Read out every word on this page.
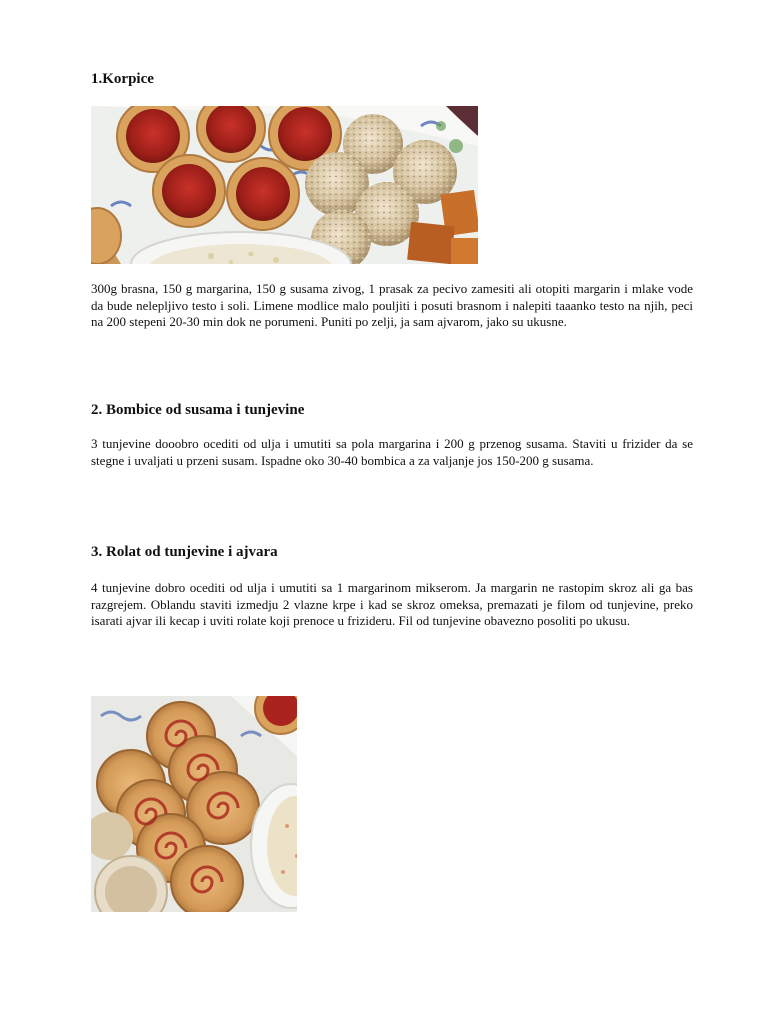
1.Korpice

300g brasna, 150 g margarina, 150 g susama zivog, 1 prasak za pecivo zamesiti ali otopiti margarin i mlake vode da bude nelepljivo testo i soli. Limene modlice malo pouljiti i posuti brasnom i nalepiti taaanko testo na njih, peci na 200 stepeni 20-30 min dok ne porumeni. Puniti po zelji, ja sam ajvarom, jako su ukusne.

2. Bombice od susama i tunjevine

3 tunjevine dooobro ocediti od ulja i umutiti sa pola margarina i 200 g przenog susama. Staviti u frizider da se stegne i uvaljati u przeni susam. Ispadne oko 30-40 bombica a za valjanje jos 150-200 g susama.

3. Rolat od tunjevine i ajvara

4 tunjevine dobro ocediti od ulja i umutiti sa 1 margarinom mikserom. Ja margarin ne rastopim skroz ali ga bas razgrejem. Oblandu staviti izmedju 2 vlazne krpe i kad se skroz omeksa, premazati je filom od tunjevine, preko isarati ajvar ili kecap i uviti rolate koji prenoce u frizideru. Fil od tunjevine obavezno posoliti po ukusu.
